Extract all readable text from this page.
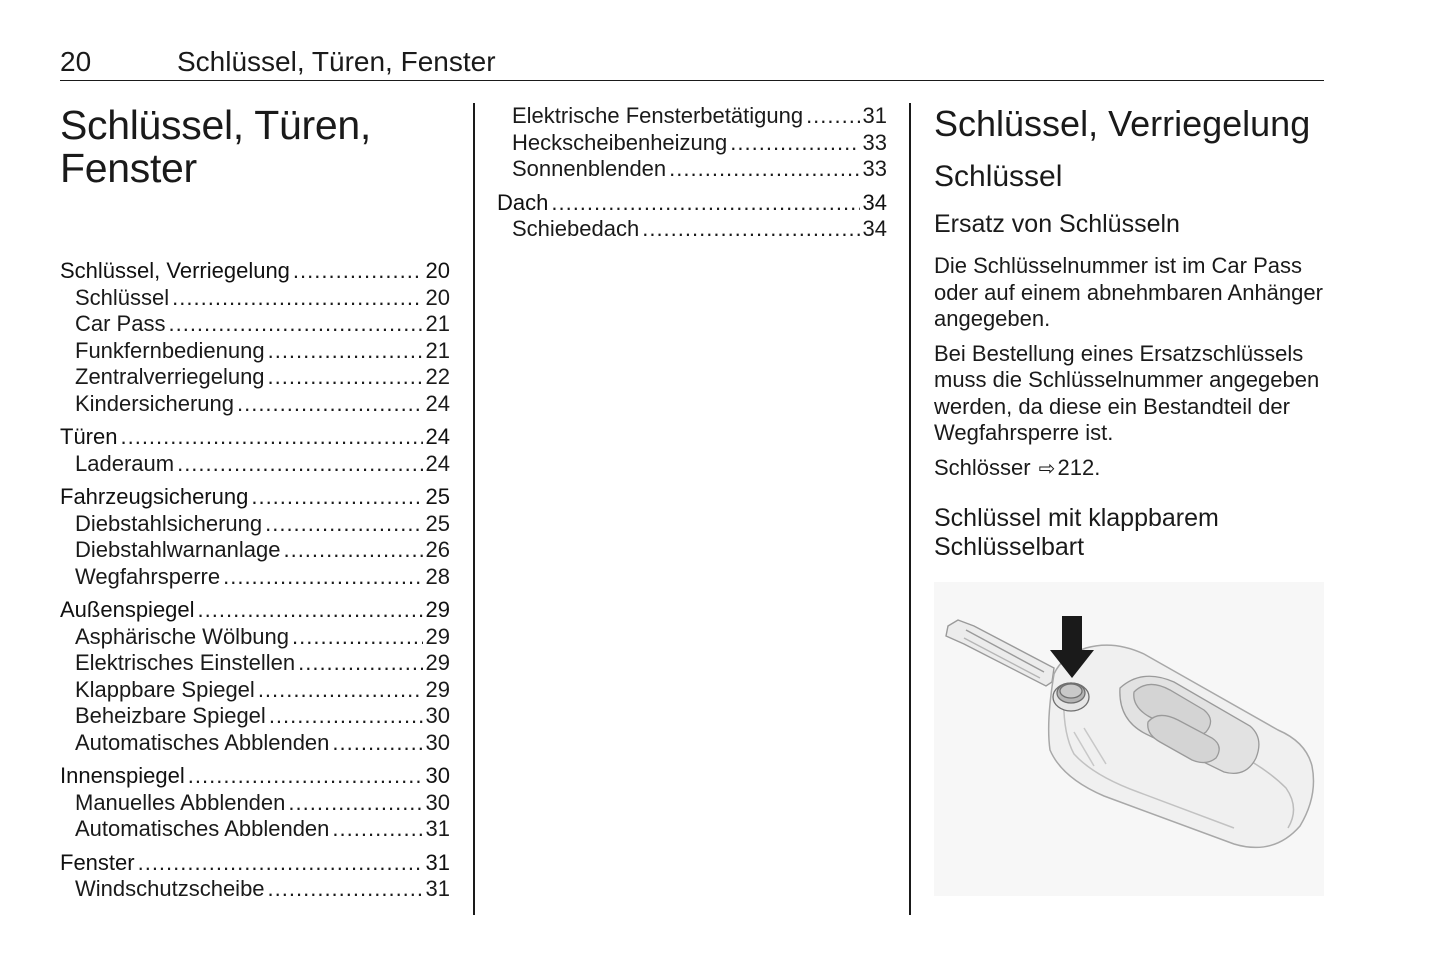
20	Schlüssel, Türen, Fenster
Schlüssel, Türen,
Fenster
Schlüssel, Verriegelung .....	20
Schlüssel .....	20
Car Pass .....	21
Funkfernbedienung .....	21
Zentralverriegelung .....	22
Kindersicherung .....	24
Türen .....	24
Laderaum .....	24
Fahrzeugsicherung .....	25
Diebstahlsicherung .....	25
Diebstahlwarnanlage .....	26
Wegfahrsperre .....	28
Außenspiegel .....	29
Asphärische Wölbung .....	29
Elektrisches Einstellen .....	29
Klappbare Spiegel .....	29
Beheizbare Spiegel .....	30
Automatisches Abblenden .....	30
Innenspiegel .....	30
Manuelles Abblenden .....	30
Automatisches Abblenden .....	31
Fenster .....	31
Windschutzscheibe .....	31
Elektrische Fensterbetätigung .....	31
Heckscheibenheizung .....	33
Sonnenblenden .....	33
Dach .....	34
Schiebedach .....	34
Schlüssel, Verriegelung
Schlüssel
Ersatz von Schlüsseln

Die Schlüsselnummer ist im Car Pass oder auf einem abnehmbaren Anhänger angegeben.

Bei Bestellung eines Ersatzschlüssels muss die Schlüsselnummer angegeben werden, da diese ein Bestandteil der Wegfahrsperre ist.

Schlösser ⇨212.

Schlüssel mit klappbarem
Schlüsselbart
